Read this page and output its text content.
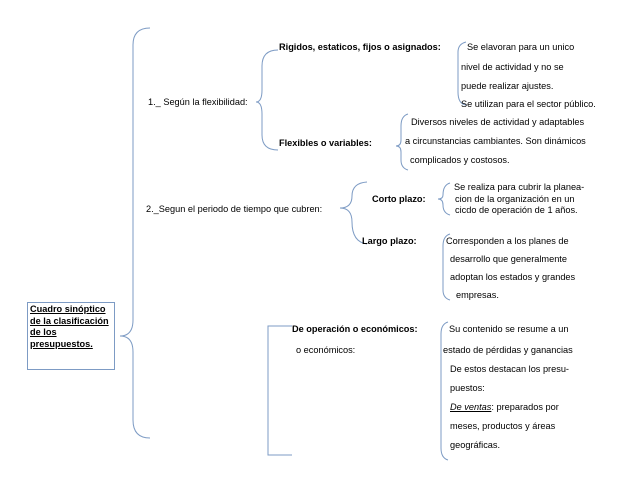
Cuadro sinóptico de la clasificación de los presupuestos.
1._ Según la flexibilidad:
Rigidos, estaticos, fijos o asignados:	Se elavoran para un unico
nivel de actividad y no se
puede realizar ajustes.
Se utilizan para el sector público.
Flexibles o variables:
Diversos niveles de actividad y adaptables
a circunstancias cambiantes. Son dinámicos
complicados y costosos.
2._Segun el periodo de tiempo que cubren:
Corto plazo:
Se realiza para cubrir la planea-
cion de la organización en un
cicdo de operación de 1 años.
Largo plazo:	Corresponden a los planes de
desarrollo que generalmente
adoptan los estados y grandes
empresas.
De operación o económicos:
o económicos:
Su contenido se resume a un
estado de pérdidas y ganancias
De estos destacan los presu-
puestos:
De ventas: preparados por
meses, productos y áreas
geográficas.
